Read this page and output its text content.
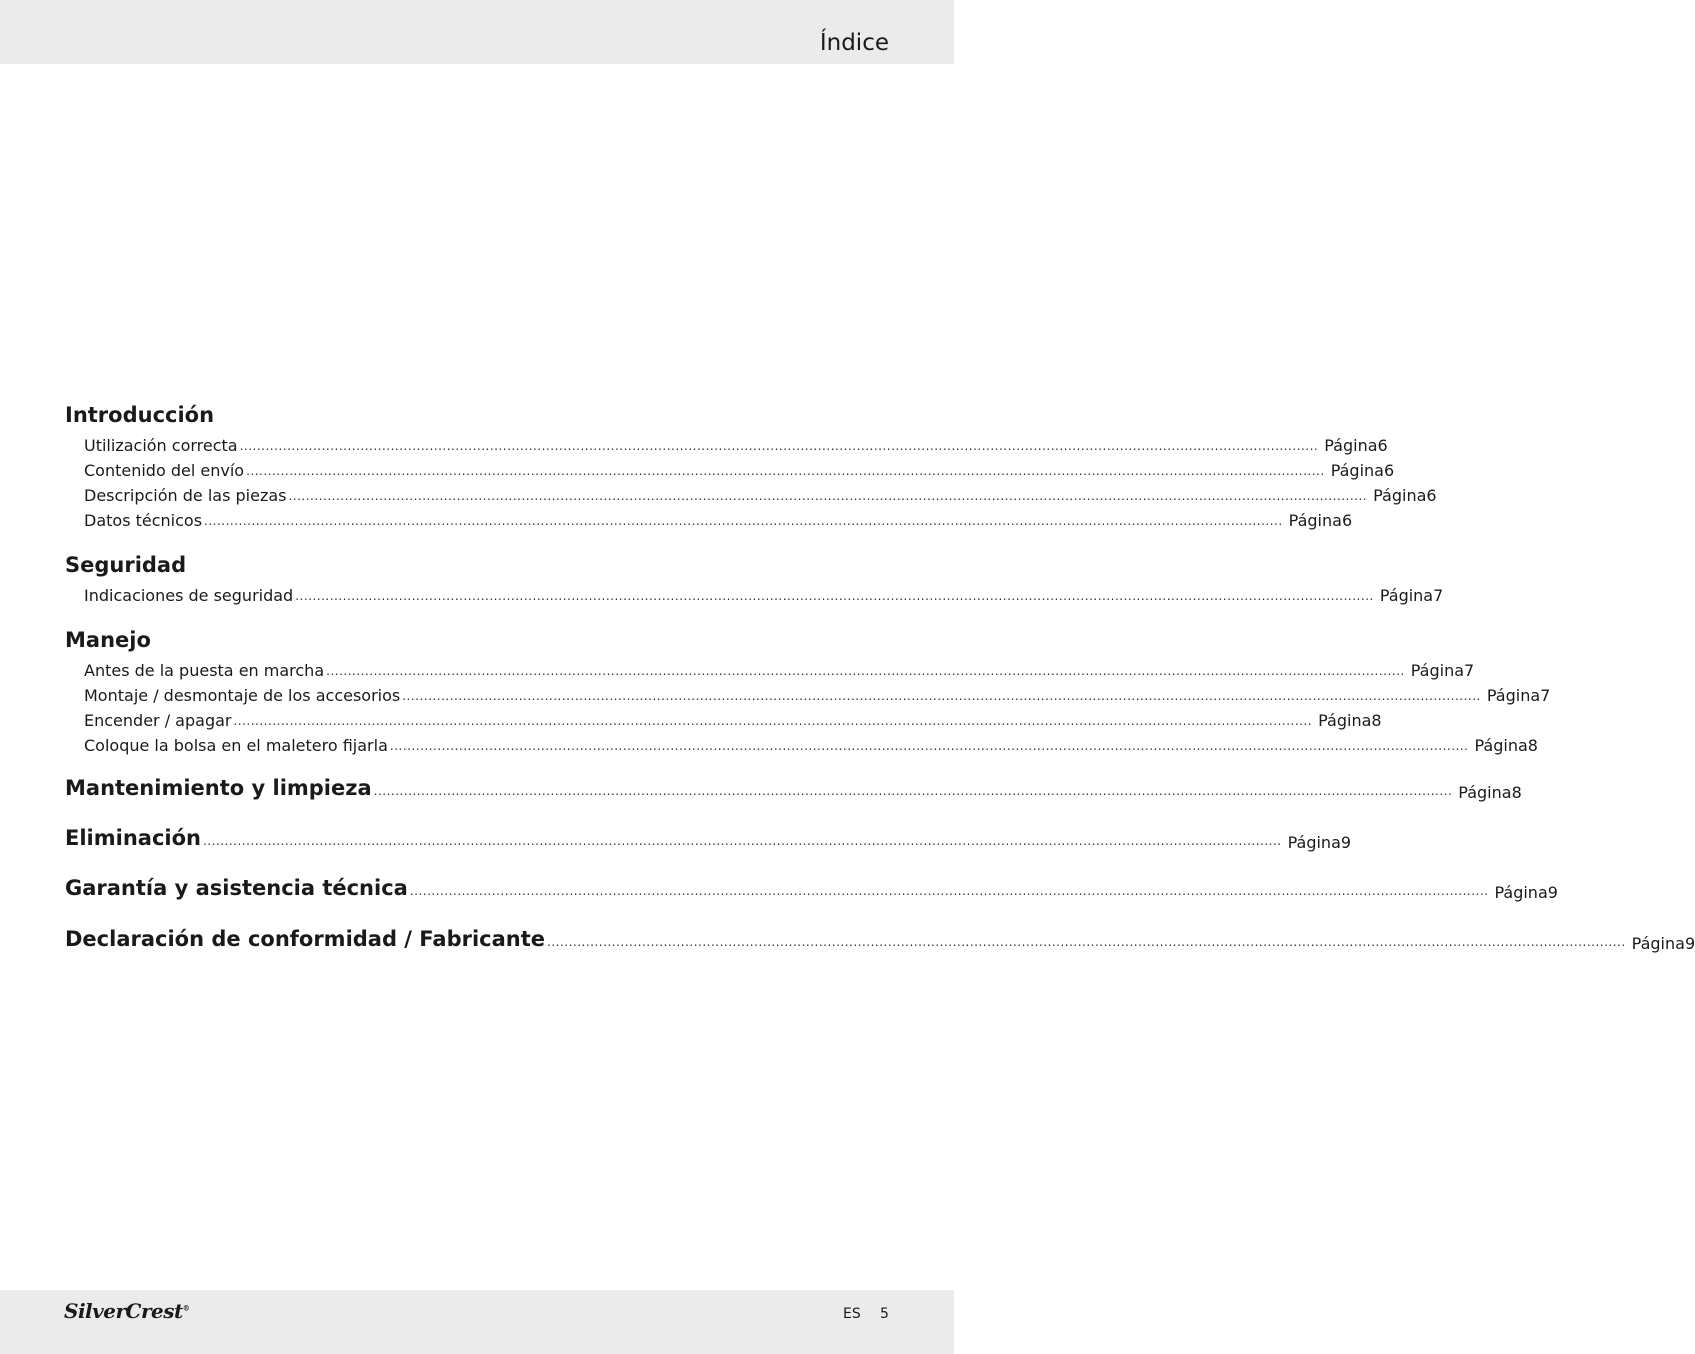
Índice
Introducción
Utilización correcta .......................................................................................................................................................................................................................................................... Página 6
Contenido del envío .......................................................................................................................................................................................................................................................... Página 6
Descripción de las piezas .......................................................................................................................................................................................................................................................... Página 6
Datos técnicos .......................................................................................................................................................................................................................................................... Página 6
Seguridad
Indicaciones de seguridad .......................................................................................................................................................................................................................................................... Página 7
Manejo
Antes de la puesta en marcha .......................................................................................................................................................................................................................................................... Página 7
Montaje / desmontaje de los accesorios .......................................................................................................................................................................................................................................................... Página 7
Encender / apagar .......................................................................................................................................................................................................................................................... Página 8
Coloque la bolsa en el maletero fijarla .......................................................................................................................................................................................................................................................... Página 8
Mantenimiento y limpieza .......................................................................................................................................................................................................................................................... Página 8
Eliminación .......................................................................................................................................................................................................................................................... Página 9
Garantía y asistencia técnica .......................................................................................................................................................................................................................................................... Página 9
Declaración de conformidad / Fabricante .......................................................................................................................................................................................................................................................... Página 9
SilverCrest®	ES 5
